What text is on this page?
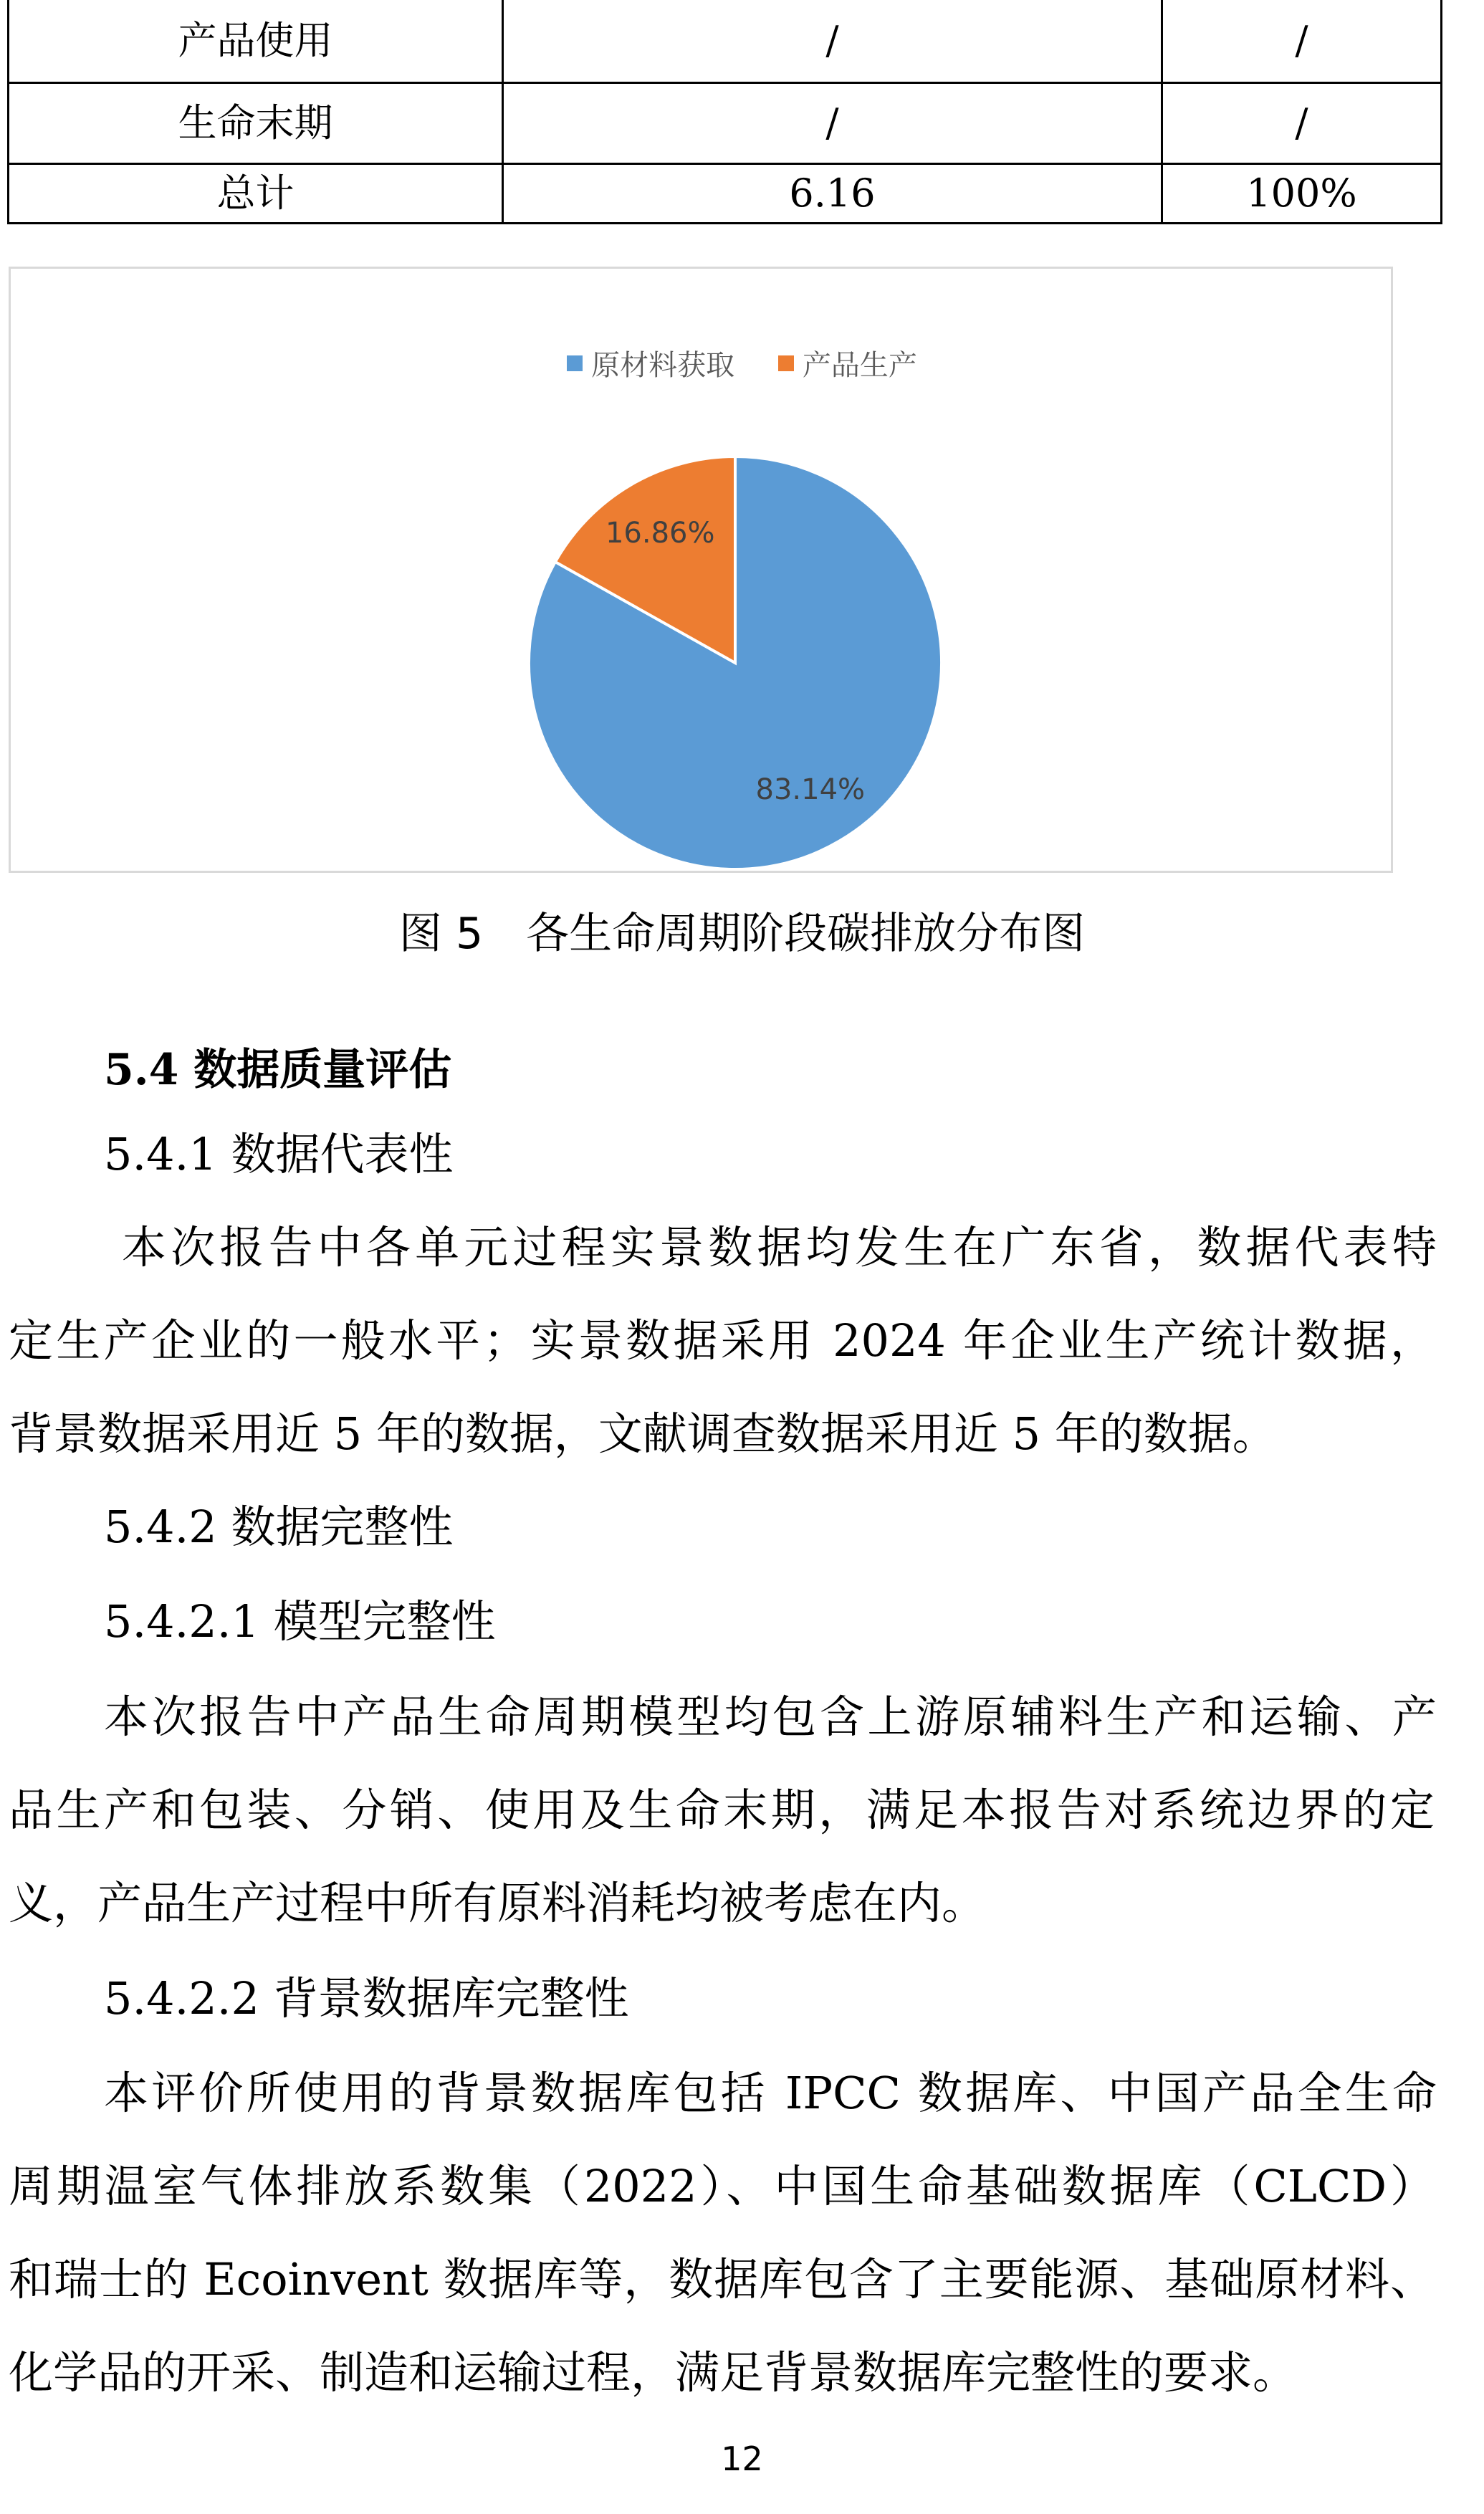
产品使用	/	/
生命末期	/	/
总计	6.16	100%
原材料获取
产品生产
83.14%
16.86%
图 5 各生命周期阶段碳排放分布图
5.4 数据质量评估
5.4.1 数据代表性
本次报告中各单元过程实景数据均发生在广东省，数据代表特
定生产企业的一般水平；实景数据采用 2024 年企业生产统计数据，
背景数据采用近 5 年的数据，文献调查数据采用近 5 年的数据。
5.4.2 数据完整性
5.4.2.1 模型完整性
本次报告中产品生命周期模型均包含上游原辅料生产和运输、产
品生产和包装、分销、使用及生命末期，满足本报告对系统边界的定
义，产品生产过程中所有原料消耗均被考虑在内。
5.4.2.2 背景数据库完整性
本评价所使用的背景数据库包括 IPCC 数据库、中国产品全生命
周期温室气体排放系数集（2022）、中国生命基础数据库（CLCD）
和瑞士的 Ecoinvent 数据库等，数据库包含了主要能源、基础原材料、
化学品的开采、制造和运输过程，满足背景数据库完整性的要求。
12
